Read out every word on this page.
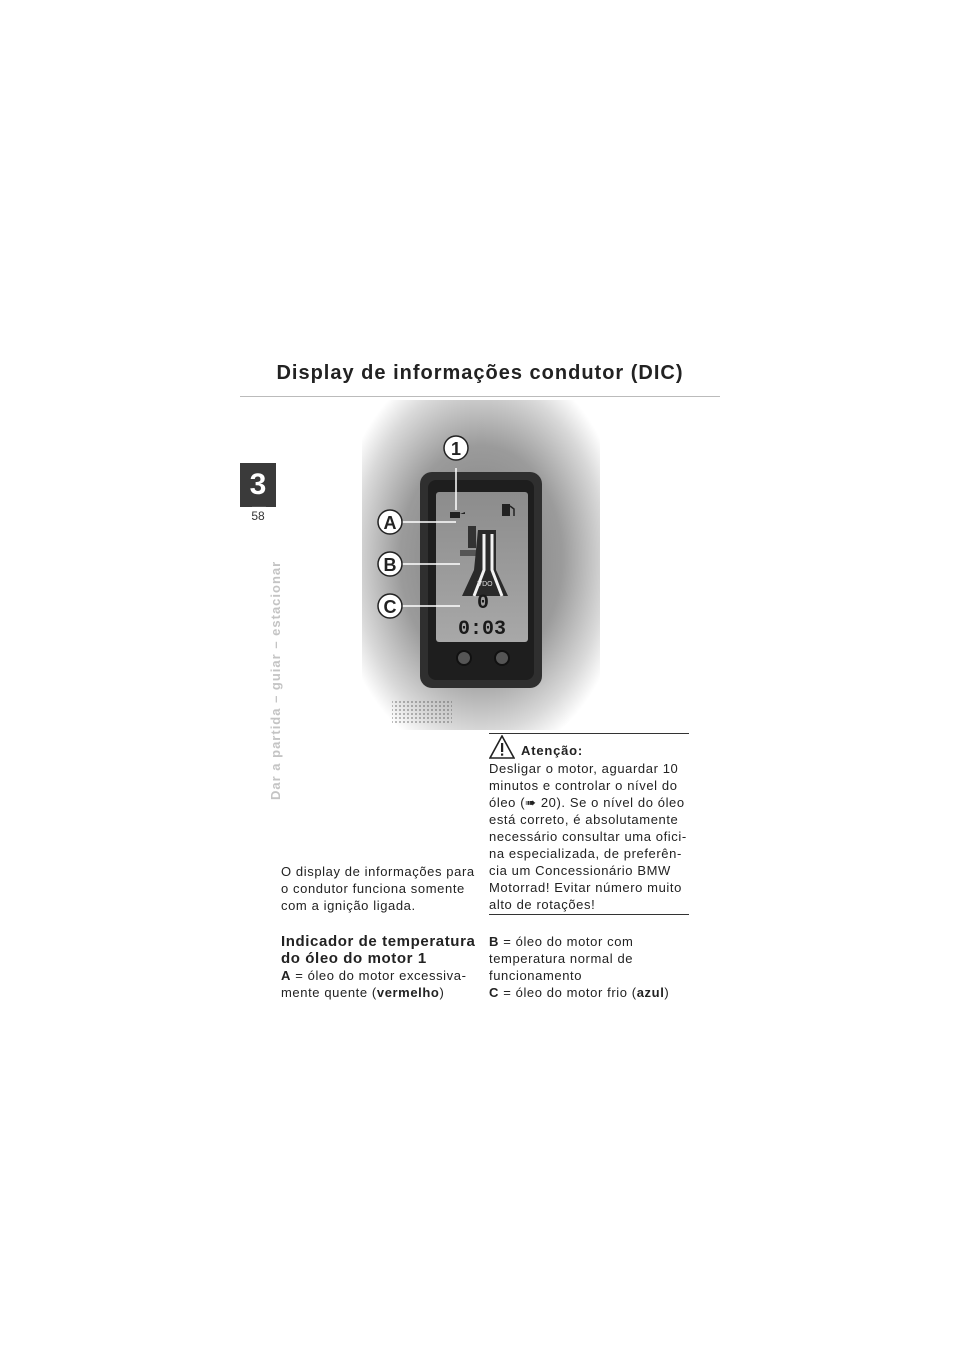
Display de informações condutor (DIC)
3
58
Dar a partida – guiar – estacionar	VDO
0
0:03
1
A
B
C
Atenção:
Desligar o motor, aguardar 10
minutos e controlar o nível do
óleo (➠ 20). Se o nível do óleo
está correto, é absolutamente
necessário consultar uma ofici-
na especializada, de preferên-
cia um Concessionário BMW
Motorrad! Evitar número muito
alto de rotações!
O display de informações para o condutor funciona somente com a ignição ligada.
Indicador de temperatura
do óleo do motor 1
A = óleo do motor excessiva-
mente quente (vermelho)
B = óleo do motor com
temperatura normal de
funcionamento
C = óleo do motor frio (azul)
